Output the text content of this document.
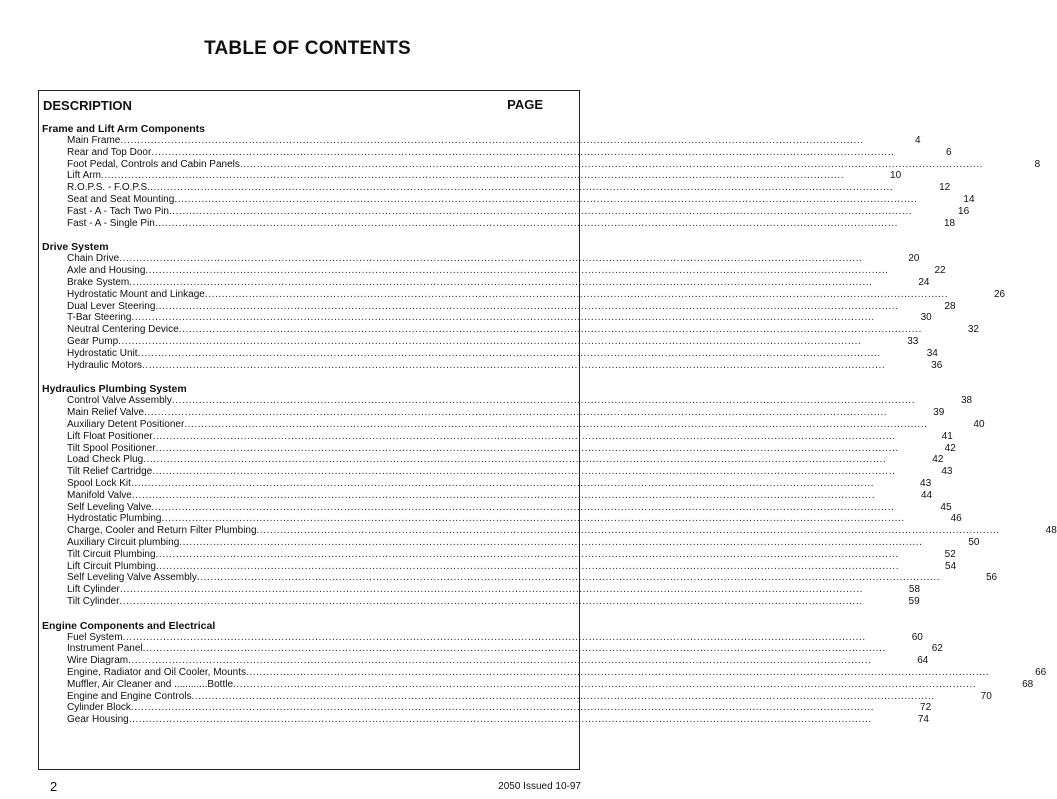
TABLE OF CONTENTS
DESCRIPTION	PAGE
Frame and Lift Arm Components
Main Frame ............................................................................................................................................................................................................................	4
Rear and Top Door ............................................................................................................................................................................................................................	6
Foot Pedal, Controls and Cabin Panels ............................................................................................................................................................................................................................	8
Lift Arm ............................................................................................................................................................................................................................	10
R.O.P.S. - F.O.P.S. ............................................................................................................................................................................................................................	12
Seat and Seat Mounting ............................................................................................................................................................................................................................	14
Fast - A - Tach Two Pin ............................................................................................................................................................................................................................	16
Fast - A - Single Pin ............................................................................................................................................................................................................................	18
Drive System
Chain Drive ............................................................................................................................................................................................................................	20
Axle and Housing ............................................................................................................................................................................................................................	22
Brake System ............................................................................................................................................................................................................................	24
Hydrostatic Mount and Linkage ............................................................................................................................................................................................................................	26
Dual Lever Steering ............................................................................................................................................................................................................................	28
T-Bar Steering ............................................................................................................................................................................................................................	30
Neutral Centering Device ............................................................................................................................................................................................................................	32
Gear Pump ............................................................................................................................................................................................................................	33
Hydrostatic Unit ............................................................................................................................................................................................................................	34
Hydraulic Motors ............................................................................................................................................................................................................................	36
Hydraulics Plumbing System
Control Valve Assembly ............................................................................................................................................................................................................................	38
Main Relief Valve ............................................................................................................................................................................................................................	39
Auxiliary Detent Positioner ............................................................................................................................................................................................................................	40
Lift Float Positioner ............................................................................................................................................................................................................................	41
Tilt Spool Positioner ............................................................................................................................................................................................................................	42
Load Check Plug ............................................................................................................................................................................................................................	42
Tilt Relief Cartridge ............................................................................................................................................................................................................................	43
Spool Lock Kit ............................................................................................................................................................................................................................	43
Manifold Valve ............................................................................................................................................................................................................................	44
Self Leveling Valve ............................................................................................................................................................................................................................	45
Hydrostatic Plumbing ............................................................................................................................................................................................................................	46
Charge, Cooler and Return Filter Plumbing ............................................................................................................................................................................................................................	48
Auxiliary Circuit plumbing ............................................................................................................................................................................................................................	50
Tilt Circuit Plumbing ............................................................................................................................................................................................................................	52
Lift Circuit Plumbing ............................................................................................................................................................................................................................	54
Self Leveling Valve Assembly ............................................................................................................................................................................................................................	56
Lift Cylinder ............................................................................................................................................................................................................................	58
Tilt Cylinder ............................................................................................................................................................................................................................	59
Engine Components and Electrical
Fuel System ............................................................................................................................................................................................................................	60
Instrument Panel ............................................................................................................................................................................................................................	62
Wire Diagram ............................................................................................................................................................................................................................	64
Engine, Radiator and Oil Cooler, Mounts ............................................................................................................................................................................................................................	66
Muffler, Air Cleaner and ............Bottle ............................................................................................................................................................................................................................	68
Engine and Engine Controls ............................................................................................................................................................................................................................	70
Cylinder Block ............................................................................................................................................................................................................................	72
Gear Housing ............................................................................................................................................................................................................................	74
2	2050 Issued 10-97
